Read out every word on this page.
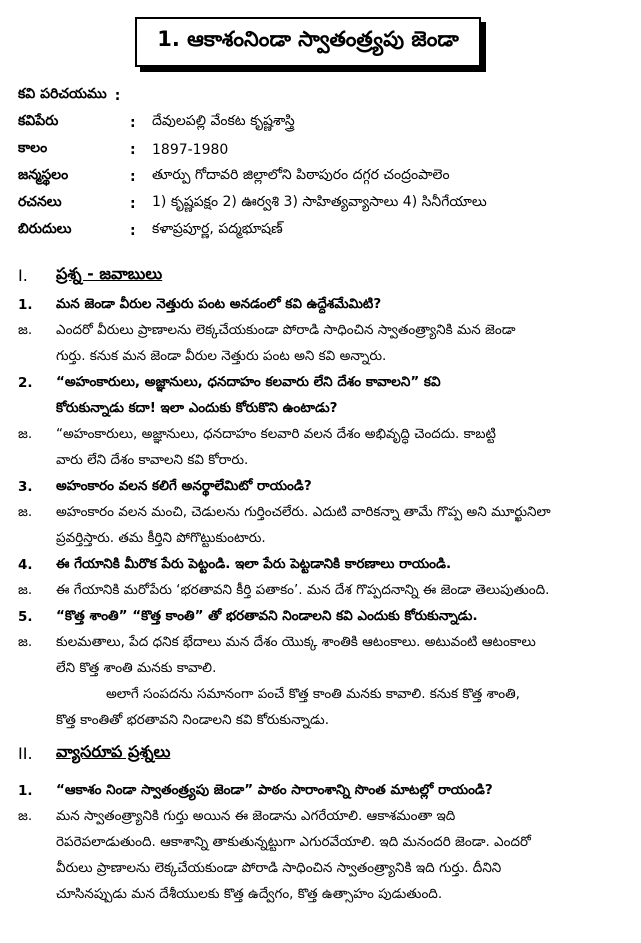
1. ఆకాశంనిండా స్వాతంత్ర్యపు జెండా
కవి పరిచయము :
కవిపేరు	:	దేవులపల్లి వేంకట కృష్ణశాస్త్రి
కాలం	:	1897-1980
జన్మస్థలం	:	తూర్పు గోదావరి జిల్లాలోని పిఠాపురం దగ్గర చంద్రంపాలెం
రచనలు	:	1) కృష్ణపక్షం 2) ఊర్వశి 3) సాహిత్యవ్యాసాలు 4) సినీగేయాలు
బిరుదులు	:	కళాప్రపూర్ణ, పద్మభూషణ్
I.	ప్రశ్న - జవాబులు
1.	మన జెండా వీరుల నెత్తురు పంట అనడంలో కవి ఉద్దేశమేమిటి?
జ.	ఎందరో వీరులు ప్రాణాలను లెక్కచేయకుండా పోరాడి సాధించిన స్వాతంత్ర్యానికి మన జెండా
గుర్తు. కనుక మన జెండా వీరుల నెత్తురు పంట అని కవి అన్నారు.
2.	“అహంకారులు, అజ్ఞానులు, ధనదాహం కలవారు లేని దేశం కావాలని” కవి
కోరుకున్నాడు కదా! ఇలా ఎందుకు కోరుకొని ఉంటాడు?
జ.	“అహంకారులు, అజ్ఞానులు, ధనదాహం కలవారి వలన దేశం అభివృద్ధి చెందదు. కాబట్టి
వారు లేని దేశం కావాలని కవి కోరారు.
3.	అహంకారం వలన కలిగే అనర్థాలేమిటో రాయండి?
జ.	అహంకారం వలన మంచి, చెడులను గుర్తించలేరు. ఎదుటి వారికన్నా తామే గొప్ప అని మూర్ఖునిలా
ప్రవర్తిస్తారు. తమ కీర్తిని పోగొట్టుకుంటారు.
4.	ఈ గేయానికి మీరొక పేరు పెట్టండి. ఇలా పేరు పెట్టడానికి కారణాలు రాయండి.
జ.	ఈ గేయానికి మరోపేరు ‘భరతావని కీర్తి పతాకం’. మన దేశ గొప్పదనాన్ని ఈ జెండా తెలుపుతుంది.
5.	“కొత్త శాంతి” “కొత్త కాంతి” తో భరతావని నిండాలని కవి ఎందుకు కోరుకున్నాడు.
జ.	కులమతాలు, పేద ధనిక భేదాలు మన దేశం యొక్క శాంతికి ఆటంకాలు. అటువంటి ఆటంకాలు
లేని కొత్త శాంతి మనకు కావాలి.
అలాగే సంపదను సమానంగా పంచే కొత్త కాంతి మనకు కావాలి. కనుక కొత్త శాంతి,
కొత్త కాంతితో భరతావని నిండాలని కవి కోరుకున్నాడు.
II.	వ్యాసరూప ప్రశ్నలు
1.	“ఆకాశం నిండా స్వాతంత్ర్యపు జెండా” పాఠం సారాంశాన్ని సొంత మాటల్లో రాయండి?
జ.	మన స్వాతంత్ర్యానికి గుర్తు అయిన ఈ జెండాను ఎగరేయాలి. ఆకాశమంతా ఇది
రెపరెపలాడుతుంది. ఆకాశాన్ని తాకుతున్నట్టుగా ఎగురవేయాలి. ఇది మనందరి జెండా. ఎందరో
వీరులు ప్రాణాలను లెక్కచేయకుండా పోరాడి సాధించిన స్వాతంత్ర్యానికి ఇది గుర్తు. దీనిని
చూసినప్పుడు మన దేశీయులకు కొత్త ఉద్వేగం, కొత్త ఉత్సాహం పుడుతుంది.
